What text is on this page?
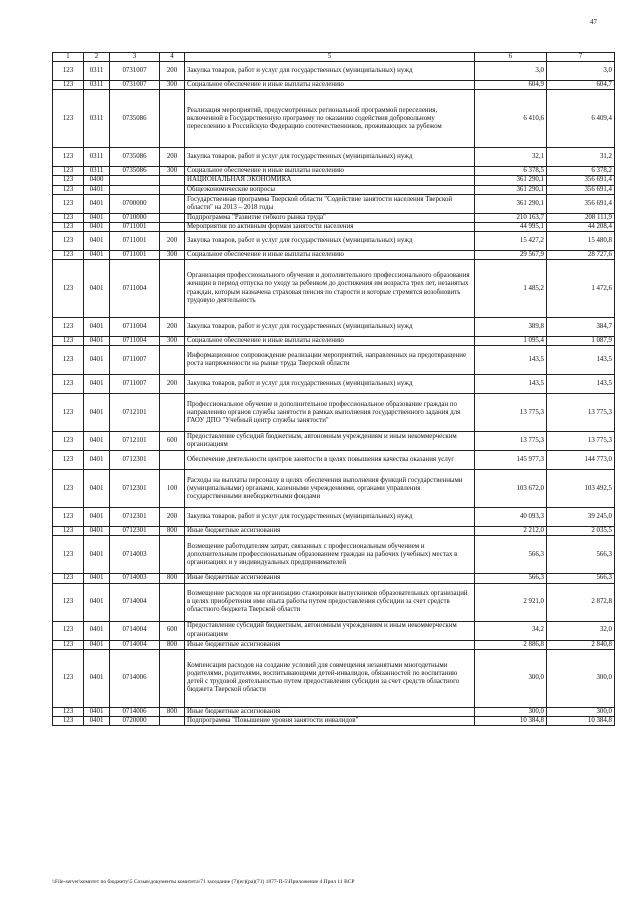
47
1	2	3	4	5	6	7
123	0311	0731007	200	Закупка товаров, работ и услуг для государственных (муниципальных) нужд	3,0	3,0
123	0311	0731007	300	Социальное обеспечение и иные выплаты населению	604,9	604,7
123	0311	0735086		Реализация мероприятий, предусмотренных региональной программой переселения, включенной в Государственную программу по оказанию содействия добровольному переселению в Российскую Федерацию соотечественников, проживающих за рубежом	6 410,6	6 409,4
123	0311	0735086	200	Закупка товаров, работ и услуг для государственных (муниципальных) нужд	32,1	31,2
123	0311	0735086	300	Социальное обеспечение и иные выплаты населению	6 378,5	6 378,2
123	0400			НАЦИОНАЛЬНАЯ ЭКОНОМИКА	361 290,1	356 691,4
123	0401			Общеэкономические вопросы	361 290,1	356 691,4
123	0401	0700000		Государственная программа Тверской области "Содействие занятости населения Тверской области" на 2013 – 2018 годы	361 290,1	356 691,4
123	0401	0710000		Подпрограмма "Развитие гибкого рынка труда"	210 163,7	208 111,9
123	0401	0711001		Мероприятия по активным формам занятости населения	44 995,1	44 208,4
123	0401	0711001	200	Закупка товаров, работ и услуг для государственных (муниципальных) нужд	15 427,2	15 480,8
123	0401	0711001	300	Социальное обеспечение и иные выплаты населению	29 567,9	28 727,6
123	0401	0711004		Организация профессионального обучения и дополнительного профессионального образования женщин в период отпуска по уходу за ребенком до достижения им возраста трех лет, незанятых граждан, которым назначена страховая пенсия по старости и которые стремятся возобновить трудовую деятельность	1 485,2	1 472,6
123	0401	0711004	200	Закупка товаров, работ и услуг для государственных (муниципальных) нужд	389,8	384,7
123	0401	0711004	300	Социальное обеспечение и иные выплаты населению	1 095,4	1 087,9
123	0401	0711007		Информационное сопровождение реализации мероприятий, направленных на предотвращение роста напряженности на рынке труда Тверской области	143,5	143,5
123	0401	0711007	200	Закупка товаров, работ и услуг для государственных (муниципальных) нужд	143,5	143,5
123	0401	0712101		Профессиональное обучение и дополнительное профессиональное образование граждан по направлению органов службы занятости в рамках выполнения государственного задания для ГАОУ ДПО "Учебный центр службы занятости"	13 775,3	13 775,3
123	0401	0712101	600	Предоставление субсидий бюджетным, автономным учреждениям и иным некоммерческим организациям	13 775,3	13 775,3
123	0401	0712301		Обеспечение деятельности центров занятости в целях повышения качества оказания услуг	145 977,3	144 773,0
123	0401	0712301	100	Расходы на выплаты персоналу в целях обеспечения выполнения функций государственными (муниципальными) органами, казенными учреждениями, органами управления государственными внебюджетными фондами	103 672,0	103 492,5
123	0401	0712301	200	Закупка товаров, работ и услуг для государственных (муниципальных) нужд	40 093,3	39 245,0
123	0401	0712301	800	Иные бюджетные ассигнования	2 212,0	2 035,5
123	0401	0714003		Возмещение работодателям затрат, связанных с профессиональным обучением и дополнительным профессиональным образованием граждан на рабочих (учебных) местах в организациях и у индивидуальных предпринимателей	566,3	566,3
123	0401	0714003	800	Иные бюджетные ассигнования	566,3	566,3
123	0401	0714004		Возмещение расходов на организацию стажировки выпускников образовательных организаций в целях приобретения ими опыта работы путем предоставления субсидии за счет средств областного бюджета Тверской области	2 921,0	2 872,8
123	0401	0714004	600	Предоставление субсидий бюджетным, автономным учреждениям и иным некоммерческим организациям	34,2	32,0
123	0401	0714004	800	Иные бюджетные ассигнования	2 886,8	2 840,8
123	0401	0714006		Компенсация расходов на создание условий для совмещения незанятыми многодетными родителями, родителями, воспитывающими детей-инвалидов, обязанностей по воспитанию детей с трудовой деятельностью путем предоставления субсидии за счет средств областного бюджета Тверской области	300,0	300,0
123	0401	0714006	800	Иные бюджетные ассигнования	300,0	300,0
123	0401	0720000		Подпрограмма "Повышение уровня занятости инвалидов"	10 384,8	10 384,8
\\File-server\комитет по бюджету\5 Созыв\документы комитета\71 заседание (7)(ег)(ра)(71) 1877-П-5\Приложение 4 Прил 11 ВСР
